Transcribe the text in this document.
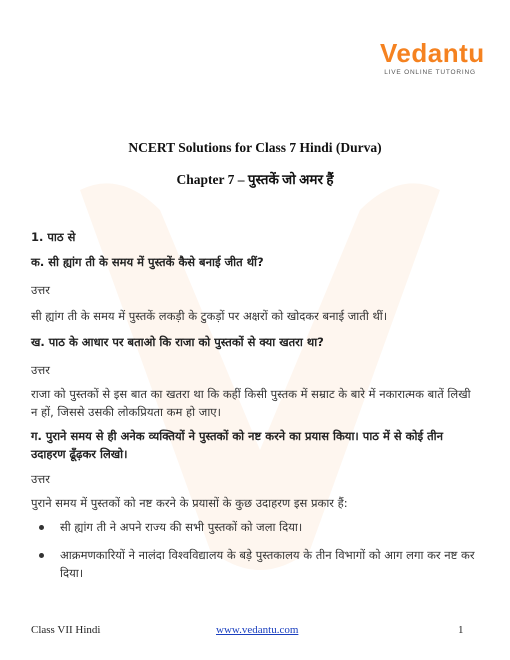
Vedantu
LIVE ONLINE TUTORING
NCERT Solutions for Class 7 Hindi (Durva)
Chapter 7 – पुस्तकें जो अमर हैं
1. पाठ से
क. सी ह्यांग ती के समय में पुस्तकें कैसे बनाई जीत थीं?
उत्तर
सी ह्यांग ती के समय में पुस्तकें लकड़ी के टुकड़ों पर अक्षरों को खोदकर बनाई जाती थीं।
ख. पाठ के आधार पर बताओ कि राजा को पुस्तकों से क्या खतरा था?
उत्तर
राजा को पुस्तकों से इस बात का खतरा था कि कहीं किसी पुस्तक में सम्राट के बारे में नकारात्मक बातें लिखी न हों, जिससे उसकी लोकप्रियता कम हो जाए।
ग. पुराने समय से ही अनेक व्यक्तियों ने पुस्तकों को नष्ट करने का प्रयास किया। पाठ में से कोई तीन उदाहरण ढूँढ़कर लिखो।
उत्तर
पुराने समय में पुस्तकों को नष्ट करने के प्रयासों के कुछ उदाहरण इस प्रकार हैं:
सी ह्यांग ती ने अपने राज्य की सभी पुस्तकों को जला दिया।
आक्रमणकारियों ने नालंदा विश्वविद्यालय के बड़े पुस्तकालय के तीन विभागों को आग लगा कर नष्ट कर दिया।
Class VII Hindi	www.vedantu.com	1
